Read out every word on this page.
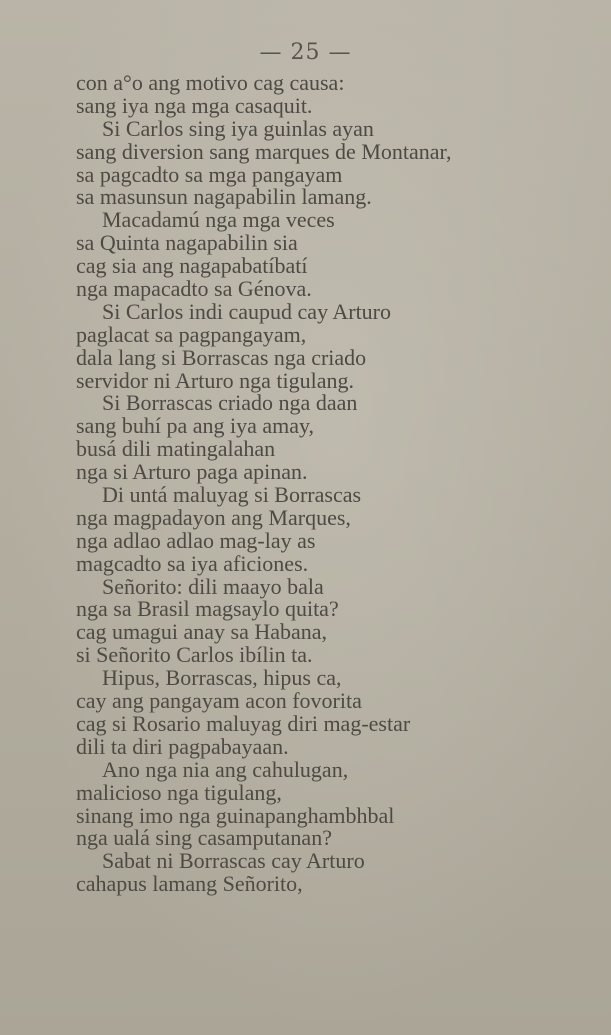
— 25 —
con a°o ang motivo cag causa:
sang iya nga mga casaquit.
Si Carlos sing iya guinlas ayan
sang diversion sang marques de Montanar,
sa pagcadto sa mga pangayam
sa masunsun nagapabilin lamang.
Macadamú nga mga veces
sa Quinta nagapabilin sia
cag sia ang nagapabatíbatí
nga mapacadto sa Génova.
Si Carlos indi caupud cay Arturo
paglacat sa pagpangayam,
dala lang si Borrascas nga criado
servidor ni Arturo nga tigulang.
Si Borrascas criado nga daan
sang buhí pa ang iya amay,
busá dili matingalahan
nga si Arturo paga apinan.
Di untá maluyag si Borrascas
nga magpadayon ang Marques,
nga adlao adlao mag-lay as
magcadto sa iya aficiones.
Señorito: dili maayo bala
nga sa Brasil magsaylo quita?
cag umagui anay sa Habana,
si Señorito Carlos ibílin ta.
Hipus, Borrascas, hipus ca,
cay ang pangayam acon fovorita
cag si Rosario maluyag diri mag-estar
dili ta diri pagpabayaan.
Ano nga nia ang cahulugan,
malicioso nga tigulang,
sinang imo nga guinapanghambhbal
nga ualá sing casamputanan?
Sabat ni Borrascas cay Arturo
cahapus lamang Señorito,
